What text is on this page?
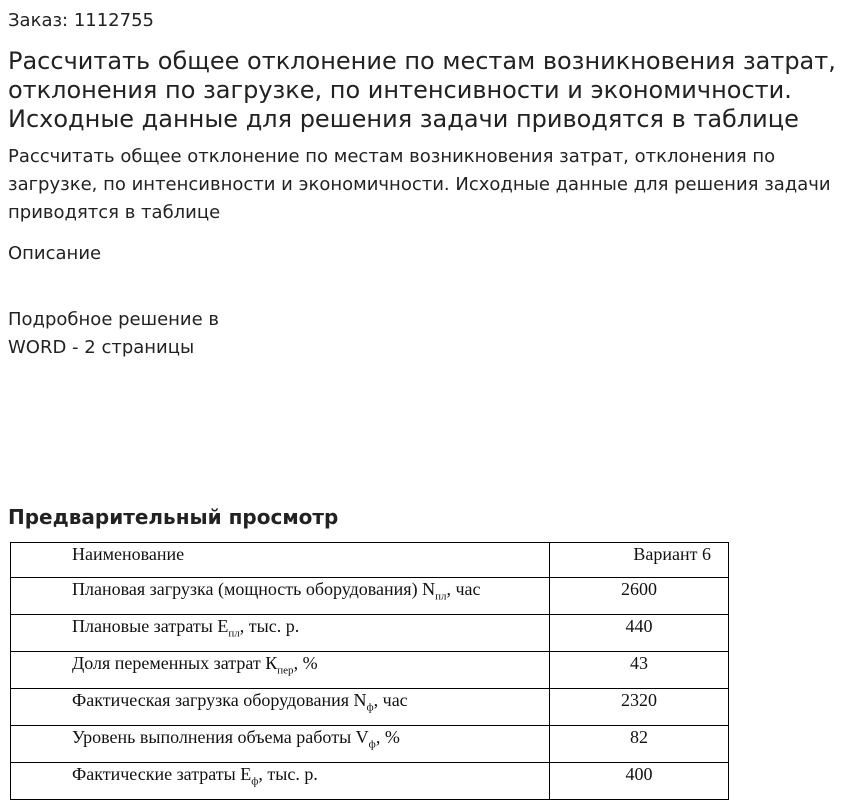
Заказ: 1112755
Рассчитать общее отклонение по местам возникновения затрат, отклонения по загрузке, по интенсивности и экономичности. Исходные данные для решения задачи приводятся в таблице

Рассчитать общее отклонение по местам возникновения затрат, отклонения по загрузке, по интенсивности и экономичности. Исходные данные для решения задачи приводятся в таблице

Описание

Подробное решение в WORD - 2 страницы

Предварительный просмотр
Наименование	Вариант 6
Плановая загрузка (мощность оборудования) $N_{пл}$, час	2600
Плановые затраты $Е_{пл}$, тыс. р.	440
Доля переменных затрат $К_{пер}$, %	43
Фактическая загрузка оборудования $N_ф$, час	2320
Уровень выполнения объема работы $V_ф$, %	82
Фактические затраты $Е_ф$, тыс. р.	400
